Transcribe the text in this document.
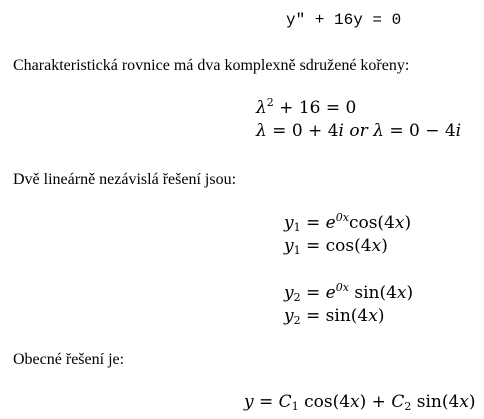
y" + 16y = 0
Charakteristická rovnice má dva komplexně sdružené kořeny:
$\lambda^2 + 16 = 0$
λ = 0 + 4i or λ = 0 − 4i
Dvě lineárně nezávislá řešení jsou:
$y_1 = e^{0x}\cos(4x)$
$y_1 = \cos(4x)$
$y_2 = e^{0x}$ sin(4x)
$y_2 = \sin(4x)$
Obecné řešení je:
$y = C_1$ $\cos(4x) + C_2$ sin(4x)
